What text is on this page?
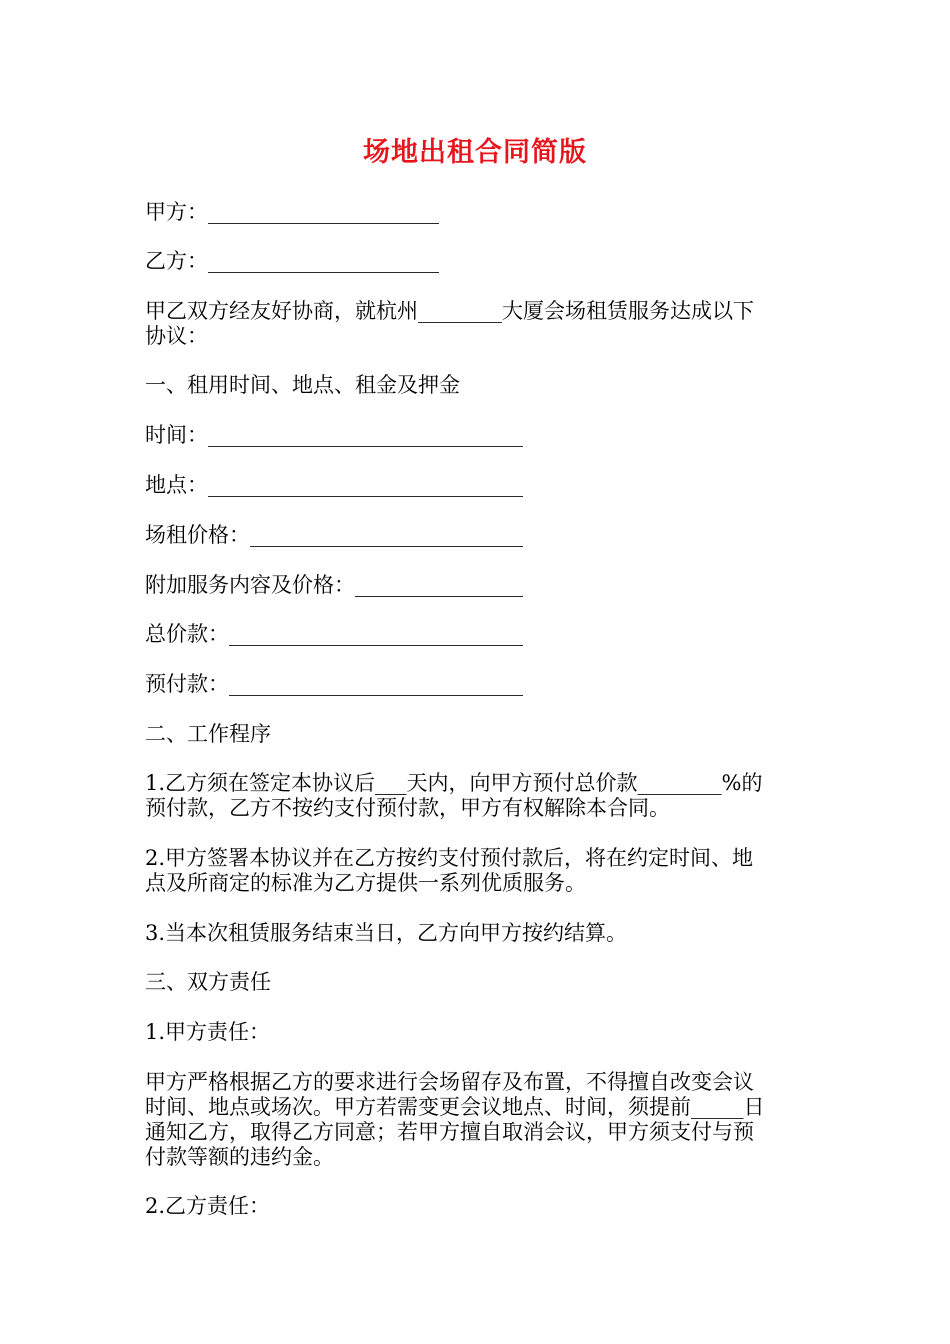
场地出租合同简版
甲方：______________________
乙方：______________________
甲乙双方经友好协商，就杭州________大厦会场租赁服务达成以下
协议：
一、租用时间、地点、租金及押金
时间：______________________________
地点：______________________________
场租价格：__________________________
附加服务内容及价格：________________
总价款：____________________________
预付款：____________________________
二、工作程序
1.乙方须在签定本协议后___天内，向甲方预付总价款________%的
预付款，乙方不按约支付预付款，甲方有权解除本合同。
2.甲方签署本协议并在乙方按约支付预付款后，将在约定时间、地
点及所商定的标准为乙方提供一系列优质服务。
3.当本次租赁服务结束当日，乙方向甲方按约结算。
三、双方责任
1.甲方责任：
甲方严格根据乙方的要求进行会场留存及布置，不得擅自改变会议
时间、地点或场次。甲方若需变更会议地点、时间，须提前_____日
通知乙方，取得乙方同意；若甲方擅自取消会议，甲方须支付与预
付款等额的违约金。
2.乙方责任：
